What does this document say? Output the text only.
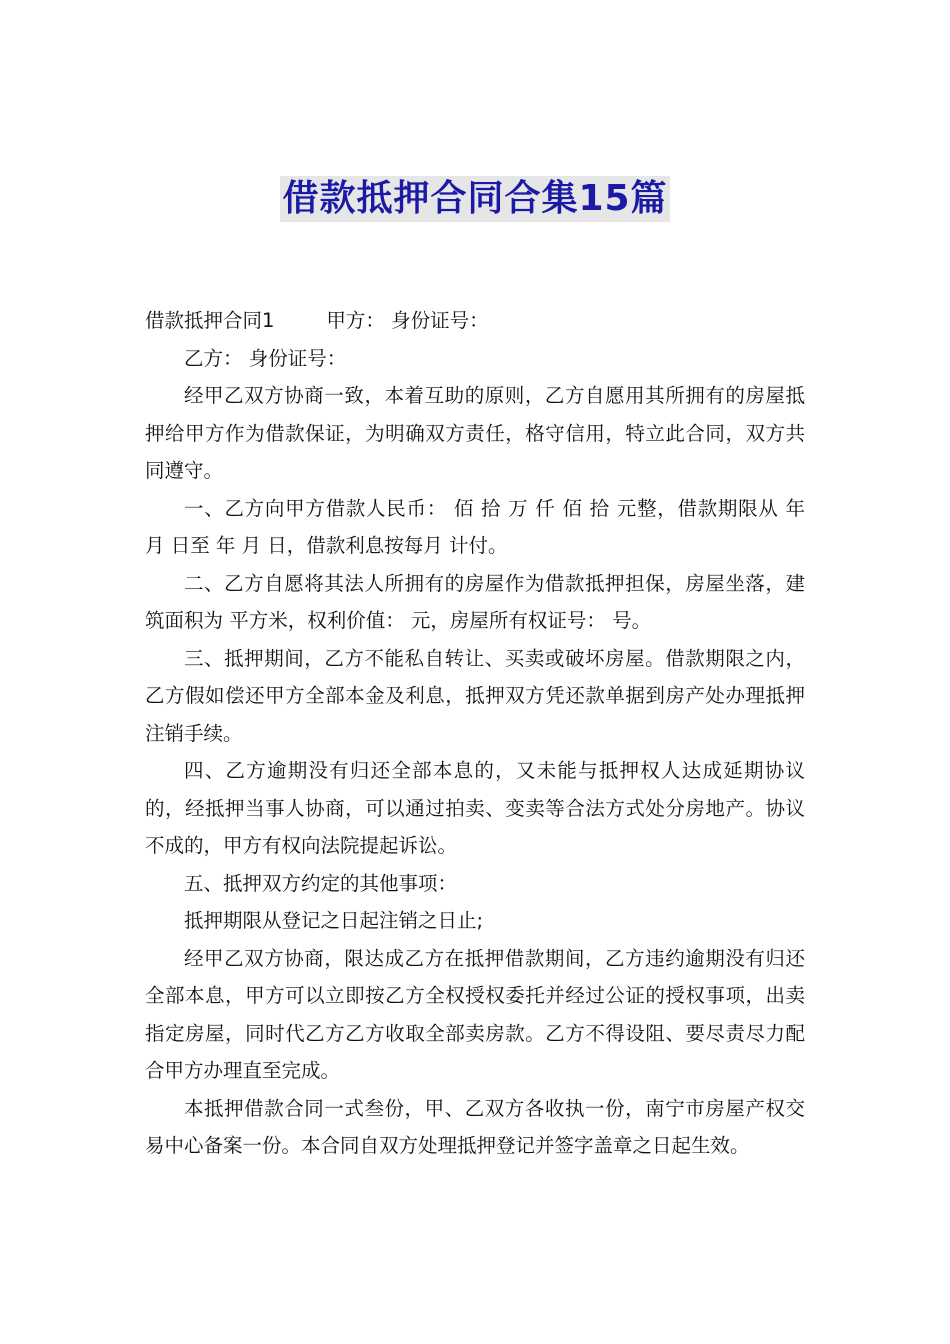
借款抵押合同合集15篇

借款抵押合同1	甲方： 身份证号：

乙方： 身份证号：

经甲乙双方协商一致，本着互助的原则，乙方自愿用其所拥有的房屋抵押给甲方作为借款保证，为明确双方责任，格守信用，特立此合同，双方共同遵守。

一、乙方向甲方借款人民币： 佰 拾 万 仟 佰 拾 元整，借款期限从 年 月 日至 年 月 日，借款利息按每月 计付。

二、乙方自愿将其法人所拥有的房屋作为借款抵押担保，房屋坐落，建筑面积为 平方米，权利价值： 元，房屋所有权证号： 号。

三、抵押期间，乙方不能私自转让、买卖或破坏房屋。借款期限之内，乙方假如偿还甲方全部本金及利息，抵押双方凭还款单据到房产处办理抵押注销手续。

四、乙方逾期没有归还全部本息的，又未能与抵押权人达成延期协议的，经抵押当事人协商，可以通过拍卖、变卖等合法方式处分房地产。协议不成的，甲方有权向法院提起诉讼。

五、抵押双方约定的其他事项：

抵押期限从登记之日起注销之日止;

经甲乙双方协商，限达成乙方在抵押借款期间，乙方违约逾期没有归还全部本息，甲方可以立即按乙方全权授权委托并经过公证的授权事项，出卖指定房屋，同时代乙方乙方收取全部卖房款。乙方不得设阻、要尽责尽力配合甲方办理直至完成。

本抵押借款合同一式叁份，甲、乙双方各收执一份，南宁市房屋产权交易中心备案一份。本合同自双方处理抵押登记并签字盖章之日起生效。
